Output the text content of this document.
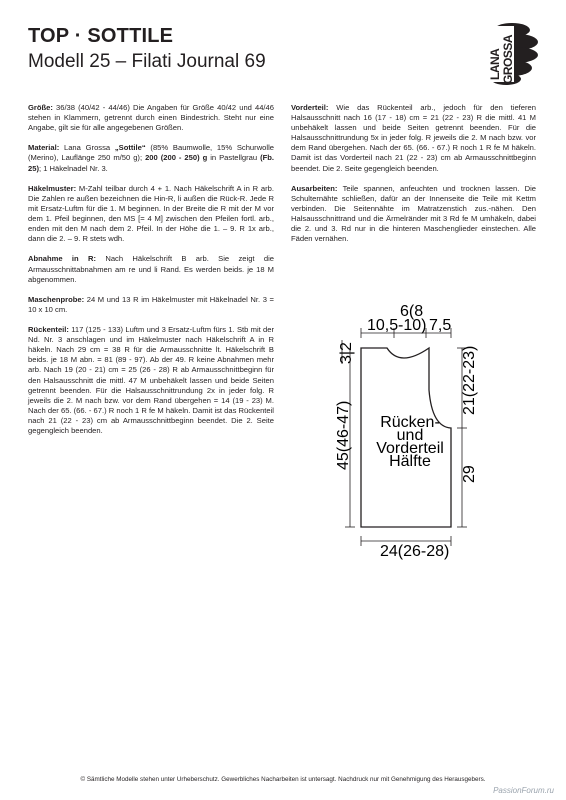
TOP · SOTTILE
Modell 25 – Filati Journal 69	LANA GROSSA

Größe: 36/38 (40/42 - 44/46) Die Angaben für Größe 40/42 und 44/46 stehen in Klammern, getrennt durch einen Bindestrich. Steht nur eine Angabe, gilt sie für alle angegebenen Größen.

Material: Lana Grossa „Sottile“ (85% Baumwolle, 15% Schurwolle (Merino), Lauflänge 250 m/50 g); 200 (200 - 250) g in Pastellgrau (Fb. 25); 1 Häkelnadel Nr. 3.

Häkelmuster: M-Zahl teilbar durch 4 + 1. Nach Häkelschrift A in R arb. Die Zahlen re außen bezeichnen die Hin-R, li außen die Rück-R. Jede R mit Ersatz-Luftm für die 1. M beginnen. In der Breite die R mit der M vor dem 1. Pfeil beginnen, den MS [= 4 M] zwischen den Pfeilen fortl. arb., enden mit den M nach dem 2. Pfeil. In der Höhe die 1. – 9. R 1x arb., dann die 2. – 9. R stets wdh.

Abnahme in R: Nach Häkelschrift B arb. Sie zeigt die Armausschnittabnahmen am re und li Rand. Es werden beids. je 18 M abgenommen.

Maschenprobe: 24 M und 13 R im Häkelmuster mit Häkelnadel Nr. 3 = 10 x 10 cm.

Rückenteil: 117 (125 - 133) Luftm und 3 Ersatz-Luftm fürs 1. Stb mit der Nd. Nr. 3 anschlagen und im Häkelmuster nach Häkelschrift A in R häkeln. Nach 29 cm = 38 R für die Armausschnitte lt. Häkelschrift B beids. je 18 M abn. = 81 (89 - 97). Ab der 49. R keine Abnahmen mehr arb. Nach 19 (20 - 21) cm = 25 (26 - 28) R ab Armausschnittbeginn für den Halsausschnitt die mittl. 47 M unbehäkelt lassen und beide Seiten getrennt beenden. Für die Halsausschnittrundung 2x in jeder folg. R jeweils die 2. M nach bzw. vor dem Rand übergehen = 14 (19 - 23) M. Nach der 65. (66. - 67.) R noch 1 R fe M häkeln. Damit ist das Rückenteil nach 21 (22 - 23) cm ab Armausschnittbeginn beendet. Die 2. Seite gegengleich beenden.

Vorderteil: Wie das Rückenteil arb., jedoch für den tieferen Halsausschnitt nach 16 (17 - 18) cm = 21 (22 - 23) R die mittl. 41 M unbehäkelt lassen und beide Seiten getrennt beenden. Für die Halsausschnittrundung 5x in jeder folg. R jeweils die 2. M nach bzw. vor dem Rand übergehen. Nach der 65. (66. - 67.) R noch 1 R fe M häkeln. Damit ist das Vorderteil nach 21 (22 - 23) cm ab Armausschnittbeginn beendet. Die 2. Seite gegengleich beenden.

Ausarbeiten: Teile spannen, anfeuchten und trocknen lassen. Die Schulternähte schließen, dafür an der Innenseite die Teile mit Kettm verbinden. Die Seitennähte im Matratzenstich zus.-nähen. Den Halsausschnittrand und die Ärmelränder mit 3 Rd fe M umhäkeln, dabei die 2. und 3. Rd nur in die hinteren Maschenglieder einstechen. Alle Fäden vernähen.

6(8
10,5 -10) 7,5
3|2
45(46-47)
21(22-23)
29
24(26-28)
Rücken-
und
Vorderteil
Hälfte
© Sämtliche Modelle stehen unter Urheberschutz. Gewerbliches Nacharbeiten ist untersagt. Nachdruck nur mit Genehmigung des Herausgebers.
PassionForum.ru
